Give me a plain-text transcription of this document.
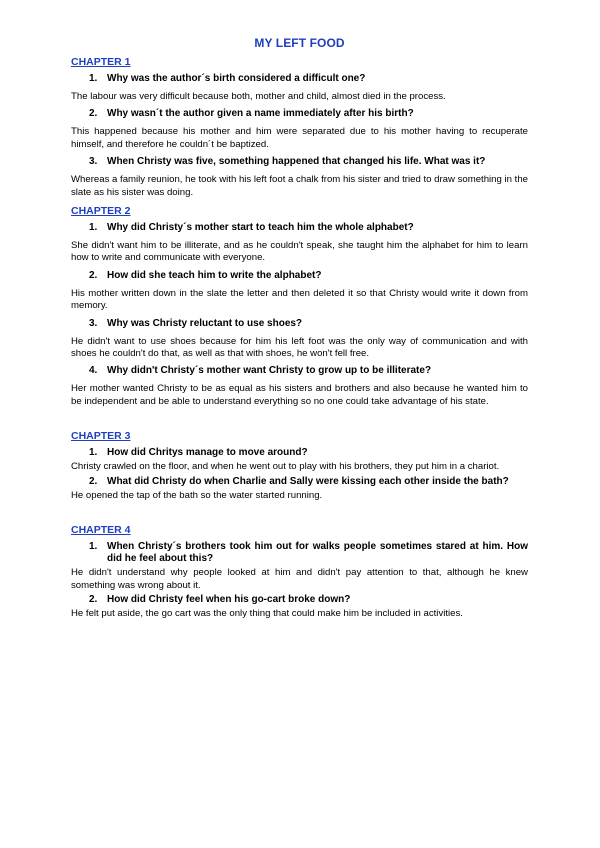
MY LEFT FOOD
CHAPTER 1
1. Why was the author´s birth considered a difficult one?

The labour was very difficult because both, mother and child, almost died in the process.

2. Why wasn´t the author given a name immediately after his birth?

This happened because his mother and him were separated due to his mother having to recuperate himself, and therefore he couldn´t be baptized.

3. When Christy was five, something happened that changed his life. What was it?

Whereas a family reunion, he took with his left foot a chalk from his sister and tried to draw something in the slate as his sister was doing.

CHAPTER 2
1. Why did Christy´s mother start to teach him the whole alphabet?

She didn't want him to be illiterate, and as he couldn't speak, she taught him the alphabet for him to learn how to write and communicate with everyone.

2. How did she teach him to write the alphabet?

His mother written down in the slate the letter and then deleted it so that Christy would write it down from memory.

3. Why was Christy reluctant to use shoes?

He didn't want to use shoes because for him his left foot was the only way of communication and with shoes he couldn't do that, as well as that with shoes, he won't fell free.

4. Why didn't Christy´s mother want Christy to grow up to be illiterate?

Her mother wanted Christy to be as equal as his sisters and brothers and also because he wanted him to be independent and be able to understand everything so no one could take advantage of his state.

CHAPTER 3
1. How did Chritys manage to move around?

Christy crawled on the floor, and when he went out to play with his brothers, they put him in a chariot.

2. What did Christy do when Charlie and Sally were kissing each other inside the bath?

He opened the tap of the bath so the water started running.

CHAPTER 4
1. When Christy´s brothers took him out for walks people sometimes stared at him. How did he feel about this?

He didn't understand why people looked at him and didn't pay attention to that, although he knew something was wrong about it.

2. How did Christy feel when his go-cart broke down?

He felt put aside, the go cart was the only thing that could make him be included in activities.
